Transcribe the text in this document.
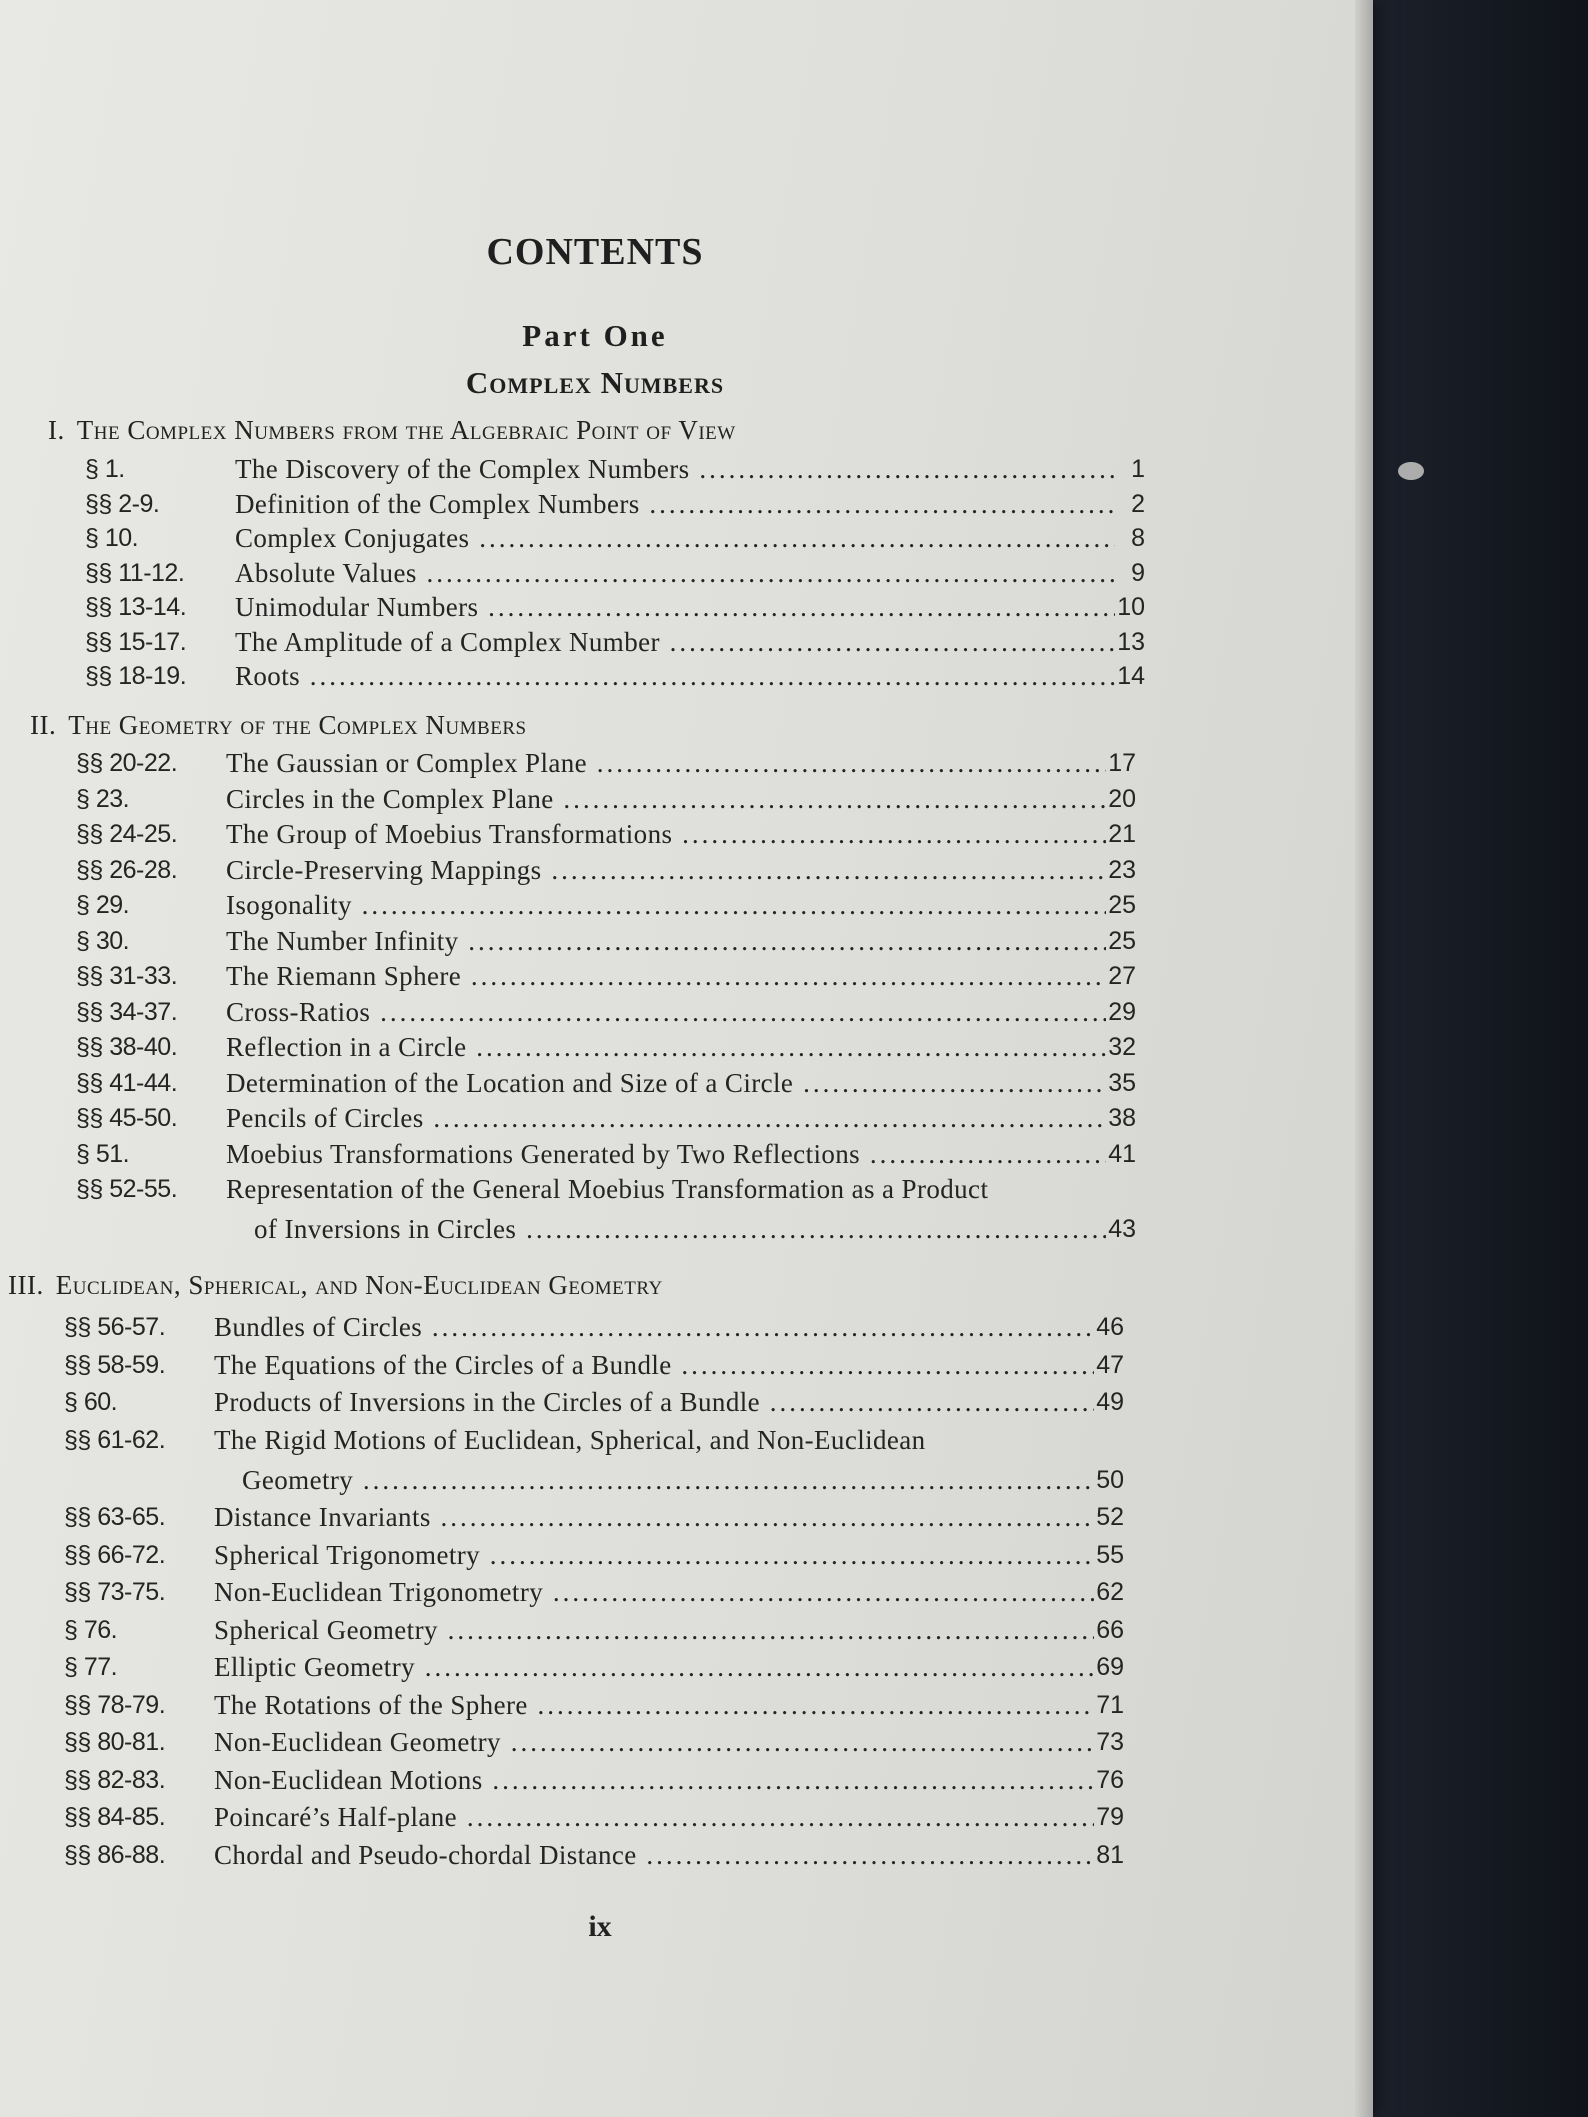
CONTENTS
Part One
Complex Numbers
I. The Complex Numbers from the Algebraic Point of View
§ 1.	The Discovery of the Complex Numbers .....	1
§§ 2-9.	Definition of the Complex Numbers .....	2
§ 10.	Complex Conjugates .....	8
§§ 11-12. Absolute Values .....	9
§§ 13-14. Unimodular Numbers .....	10
§§ 15-17. The Amplitude of a Complex Number .....	13
§§ 18-19. Roots .....	14
II. The Geometry of the Complex Numbers
§§ 20-22. The Gaussian or Complex Plane .....	17
§ 23.	Circles in the Complex Plane .....	20
§§ 24-25. The Group of Moebius Transformations .....	21
§§ 26-28. Circle-Preserving Mappings .....	23
§ 29.	Isogonality .....	25
§ 30.	The Number Infinity .....	25
§§ 31-33. The Riemann Sphere .....	27
§§ 34-37. Cross-Ratios .....	29
§§ 38-40. Reflection in a Circle .....	32
§§ 41-44. Determination of the Location and Size of a Circle .....	35
§§ 45-50. Pencils of Circles .....	38
§ 51.	Moebius Transformations Generated by Two Reflections .....	41
§§ 52-55. Representation of the General Moebius Transformation as a Product
of Inversions in Circles .....	43
III. Euclidean, Spherical, and Non-Euclidean Geometry
§§ 56-57. Bundles of Circles .....	46
§§ 58-59. The Equations of the Circles of a Bundle .....	47
§ 60.	Products of Inversions in the Circles of a Bundle .....	49
§§ 61-62. The Rigid Motions of Euclidean, Spherical, and Non-Euclidean
Geometry .....	50
§§ 63-65. Distance Invariants .....	52
§§ 66-72. Spherical Trigonometry .....	55
§§ 73-75. Non-Euclidean Trigonometry .....	62
§ 76.	Spherical Geometry .....	66
§ 77.	Elliptic Geometry .....	69
§§ 78-79. The Rotations of the Sphere .....	71
§§ 80-81. Non-Euclidean Geometry .....	73
§§ 82-83. Non-Euclidean Motions .....	76
§§ 84-85. Poincaré’s Half-plane .....	79
§§ 86-88. Chordal and Pseudo-chordal Distance .....	81
ix
